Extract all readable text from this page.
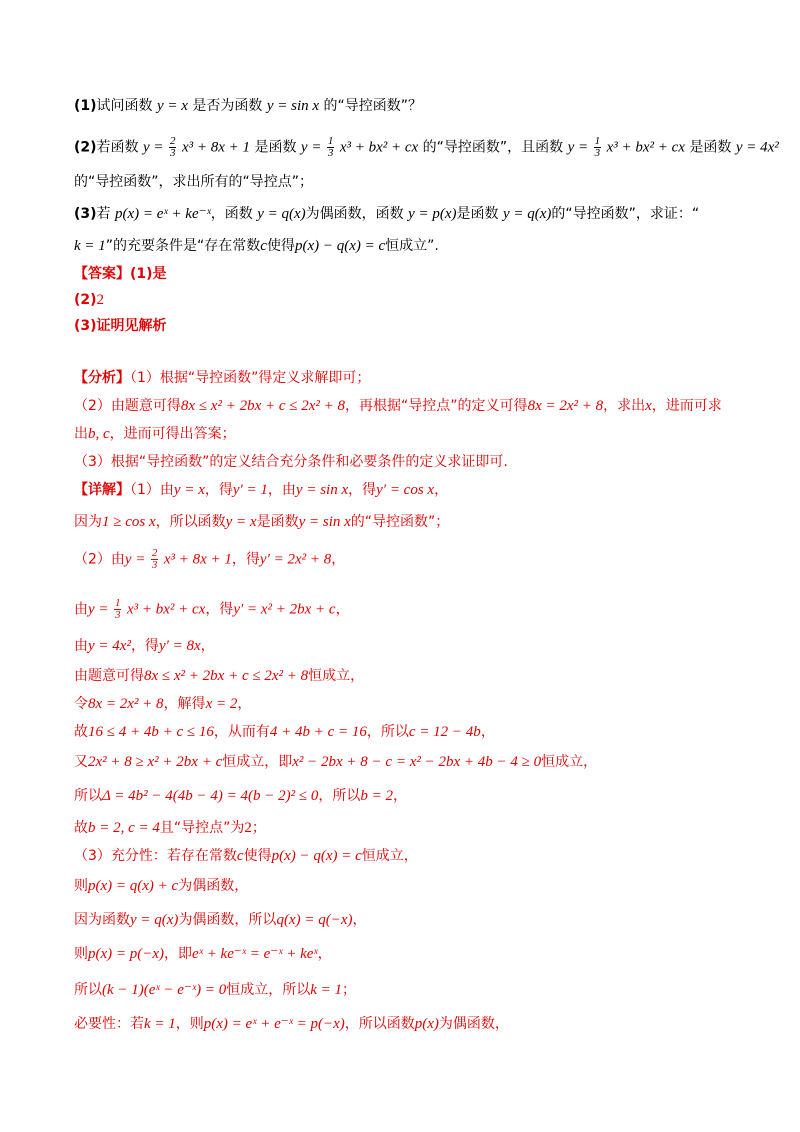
(1)试问函数 y = x 是否为函数 y = sin x 的“导控函数”？
(2)若函数 $y = \frac{2}{3} x^3 + 8x + 1$ 是函数 $y = \frac{1}{3} x^3 + bx^2$ + cx 的“导控函数”，且函数 $y = \frac{1}{3} x^3 + bx^2$ + cx 是函数 y = 4x²
的“导控函数”，求出所有的“导控点”；
(3)若 p(x) = eˣ + ke⁻ˣ，函数 y = q(x)为偶函数，函数 y = p(x)是函数 y = q(x)的“导控函数”，求证：“
k = 1”的充要条件是“存在常数c使得p(x) − q(x) = c恒成立”.
【答案】(1)是
(2)2
(3)证明见解析
【分析】（1）根据“导控函数”得定义求解即可；
（2）由题意可得8x ≤ x² + 2bx + c ≤ 2x² + 8，再根据“导控点”的定义可得8x = 2x² + 8，求出x，进而可求
出b, c，进而可得出答案；
（3）根据“导控函数”的定义结合充分条件和必要条件的定义求证即可.
【详解】（1）由y = x，得y′ = 1，由y = sin x，得y′ = cos x，
因为1 ≥ cos x，所以函数y = x是函数y = sin x的“导控函数”；
（2）由$y = \frac{2}{3} x^3 + 8x + 1$，得y′ = 2x² + 8，
由$y = \frac{1}{3} x^3 + bx^2$ + cx，得y′ = x² + 2bx + c，
由y = 4x²，得y′ = 8x，
由题意可得8x ≤ x² + 2bx + c ≤ 2x² + 8恒成立，
令8x = 2x² + 8，解得x = 2，
故16 ≤ 4 + 4b + c ≤ 16，从而有4 + 4b + c = 16，所以c = 12 − 4b，
又2x² + 8 ≥ x² + 2bx + c恒成立，即x² − 2bx + 8 − c = x² − 2bx + 4b − 4 ≥ 0恒成立，
所以Δ = 4b² − 4(4b − 4) = 4(b − 2)² ≤ 0，所以b = 2，
故b = 2, c = 4且“导控点”为2；
（3）充分性：若存在常数c使得p(x) − q(x) = c恒成立，
则p(x) = q(x) + c为偶函数，
因为函数y = q(x)为偶函数，所以q(x) = q(−x)，
则p(x) = p(−x)，即eˣ + ke⁻ˣ = e⁻ˣ + keˣ，
所以(k − 1)(eˣ − e⁻ˣ) = 0恒成立，所以k = 1；
必要性：若k = 1，则p(x) = eˣ + e⁻ˣ = p(−x)，所以函数p(x)为偶函数，
